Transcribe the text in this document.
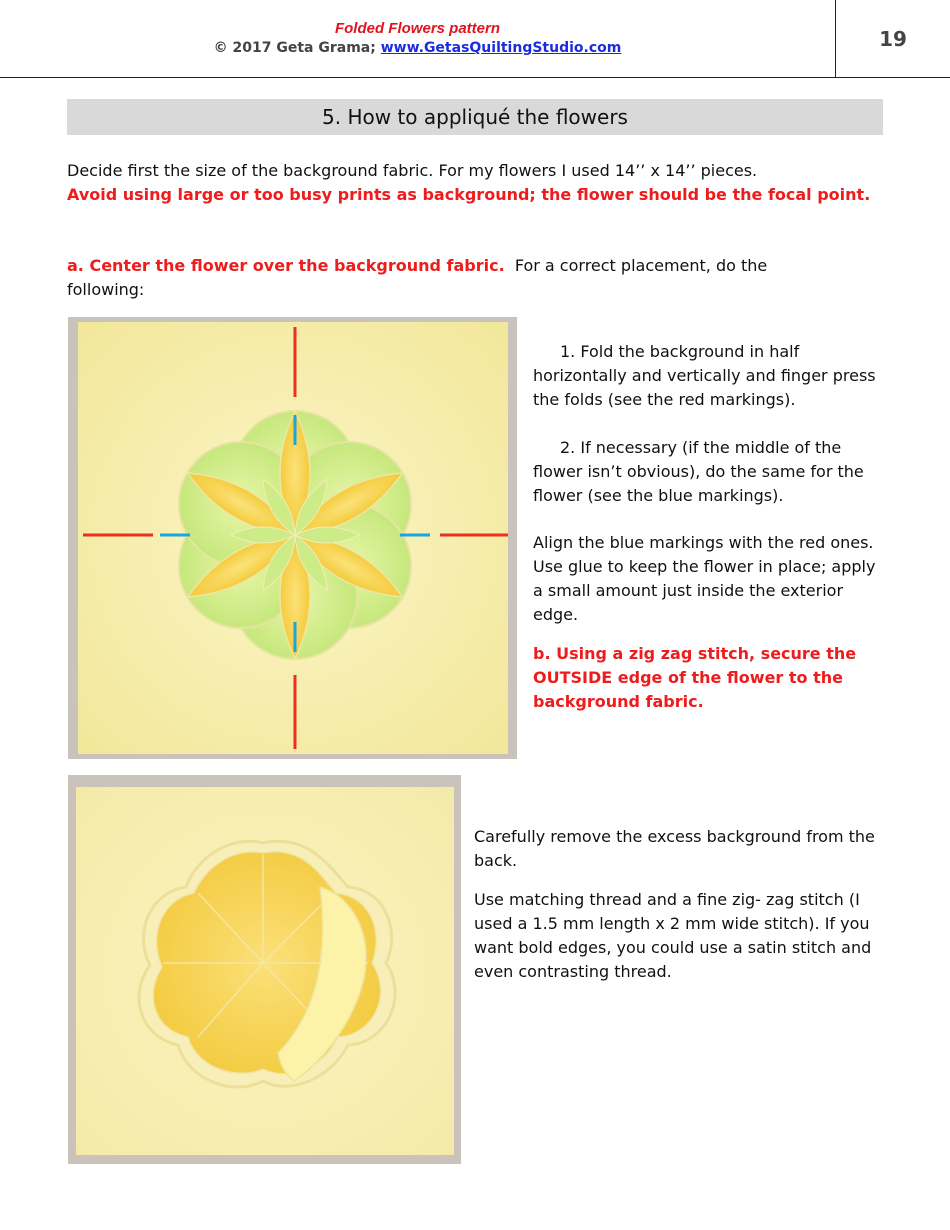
Folded Flowers pattern
© 2017 Geta Grama; www.GetasQuiltingStudio.com	19
5. How to appliqué the flowers
Decide first the size of the background fabric. For my flowers I used 14’’ x 14’’ pieces.
Avoid using large or too busy prints as background; the flower should be the focal point.
a. Center the flower over the background fabric. For a correct placement, do the following:
1. Fold the background in half horizontally and vertically and finger press the folds (see the red markings).
2. If necessary (if the middle of the flower isn’t obvious), do the same for the flower (see the blue markings).
Align the blue markings with the red ones. Use glue to keep the flower in place; apply a small amount just inside the exterior edge.
b. Using a zig zag stitch, secure the OUTSIDE edge of the flower to the background fabric.
Carefully remove the excess background from the back.
Use matching thread and a fine zig- zag stitch (I used a 1.5 mm length x 2 mm wide stitch). If you want bold edges, you could use a satin stitch and even contrasting thread.
